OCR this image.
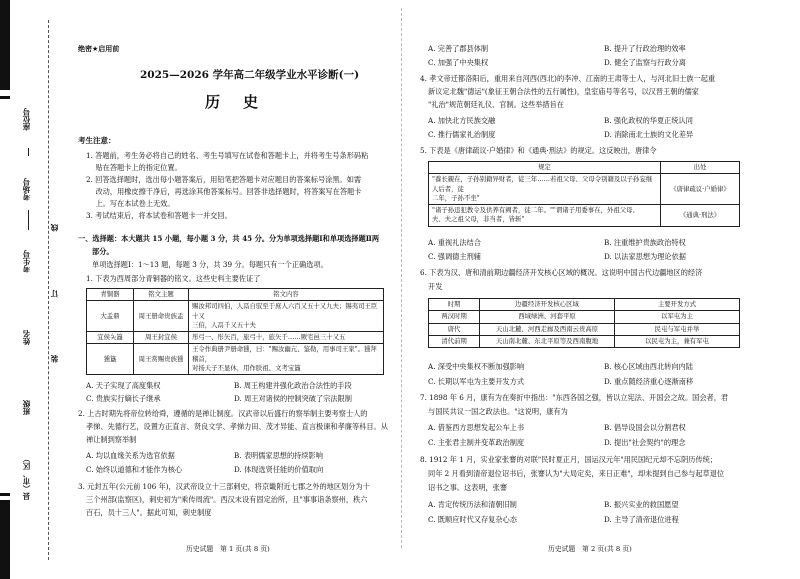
座位号
考场号
线
考生号
订
姓名
装
班级
县（市、区）
绝密★启用前
2025—2026 学年高二年级学业水平诊断(一)
历　史
考生注意：
1. 答题前，考生务必将自己的姓名、考生号填写在试卷和答题卡上，并将考生号条形码粘
　 贴在答题卡上的指定位置。
2. 回答选择题时，选出每小题答案后，用铅笔把答题卡对应题目的答案标号涂黑。如需
　 改动，用橡皮擦干净后，再选涂其他答案标号。回答非选择题时，将答案写在答题卡
　 上。写在本试卷上无效。
3. 考试结束后，将本试卷和答题卡一并交回。
一、选择题：本大题共 15 小题，每小题 3 分，共 45 分。分为单项选择题Ⅰ和单项选择题Ⅱ两
部分。
单项选择题Ⅰ：1～13 题，每题 3 分，共 39 分。每题只有一个正确选项。
1. 下表为西周部分青铜器的铭文。这些史料主要佐证了
青铜器	铭文主题	铭文内容
大盂鼎	周王册命贵族盂	赐汝邦司四伯，人鬲自驭至于庶人六百又五十又九夫；锡夷司王臣十又
三伯，人鬲千又五十夫

宜侯夨簋	周王封宜侯	彤弓一、彤矢百，旅弓十，旅矢千……厥宅邑三十又五
獯簋	周王赏赐贵族獯	王令作典册尹册命獯，曰："赐汝幽亢、鉴勒，用事司王家"。獯拜稽首，
对扬天子丕显休，用作朕祖、文考宝簋
A. 天子实现了高度集权	B. 周王构建并强化政治合法性的手段
C. 贵族实行嫡长子继承	D. 周王对诸侯的控制突破了宗法限制
2. 上古时期先将帝位转给舜，遵循的是禅让制度。汉武帝以后盛行的察举制主要考察士人的
孝悌、先德行艺，设置方正直言、贤良文学、孝悌力田、茂才异能、直言极谏和孝廉等科目。从
禅让制到察举制
A. 均以血缘关系为选官依据	B. 表明儒家思想的持续影响
C. 始终以道德和才能作为核心	D. 体现选贤任能的价值取向
3. 元封五年(公元前 106 年)，汉武帝设立十三部刺史，将京畿附近七郡之外的地区划分为十
三个州部(监察区)，刺史初为"乘传周流"。西汉末设有固定治所，且"事事诣条察州，秩六
百石，员十三人"。据此可知，刺史制度
历史试题　第 1 页(共 8 页)
A. 完善了郡县体制	B. 提升了行政治理的效率
C. 加强了中央集权	D. 健全了监察与行政分离
4. 孝文帝迁都洛阳后，重用来自河西(西北)的李冲、江南的王肃等士人，与河北旧士族一起重
新议定北魏"德运"(象征王朝合法性的五行属性)，皇室庙号等名号，以汉晋王朝的儒家
"礼治"规范朝廷礼仪、官制。这些举措旨在
A. 加快北方民族交融	B. 强化政权的华夏正统认同
C. 推行儒家礼治制度	D. 消除南北士族的文化差异
5. 下表是《唐律疏议·户婚律》和《通典·刑法》的规定。这反映出，唐律令
规定	出处

"養长親在，子孙别籍异财者，徒三年……若祖父母、父母令别籍及以子孙妄继人后者，徒
二年，子孙不坐"	《唐律疏议·户婚律》

"诸子孙违犯教令及供养有阙者，徒二年。""谓诸子用委事在，外祖父母、
夫、夫之祖父母，非当者，皆斩"	《通典·刑法》
A. 重视礼法结合	B. 注重维护贵族政治特权
C. 强调德主刑辅	D. 以法家思想为理论依据
6. 下表为汉、唐和清前期边疆经济开发核心区域的概况。这说明中国古代边疆地区的经济
开发
时期	边疆经济开发核心区域	主要开发方式
两汉时期	西域绿洲、河套平原	以军屯为主
唐代	天山北麓、河西走廊及西南云贵高原	民屯与军屯并举
清代前期	天山南北麓、东北平原等及西南腹地	以民屯为主，兼有军屯
A. 深受中央集权不断加强影响	B. 核心区域由西北转向内陆
C. 长期以军屯为主要开发方式	D. 重点随经济重心逐渐南移
7. 1898 年 6 月，康有为在奏折中指出："东西各国之强，皆以立宪法、开国会之故。国会者，君
与国民共议一国之政法也。"这说明，康有为
A. 借鉴西方思想发起公车上书	B. 倡导设国会以分割君权
C. 主张君主制并变革政治制度	D. 提出"社会契约"的理念
8. 1912 年 1 月，实业家张謇的对联"民时夏正月，国运汉元年"用民国纪元却不忘阴历传统；
同年 2 月看到清帝退位诏书后，张謇认为"大局定矣，来日正难"，却未提到自己参与起草退位
诏书之事。这表明，张謇
A. 肯定传统历法和清朝旧制	B. 振兴实业的救国愿望
C. 既顺应时代又存复杂心态	D. 主导了清帝退位进程
历史试题　第 2 页(共 8 页)
